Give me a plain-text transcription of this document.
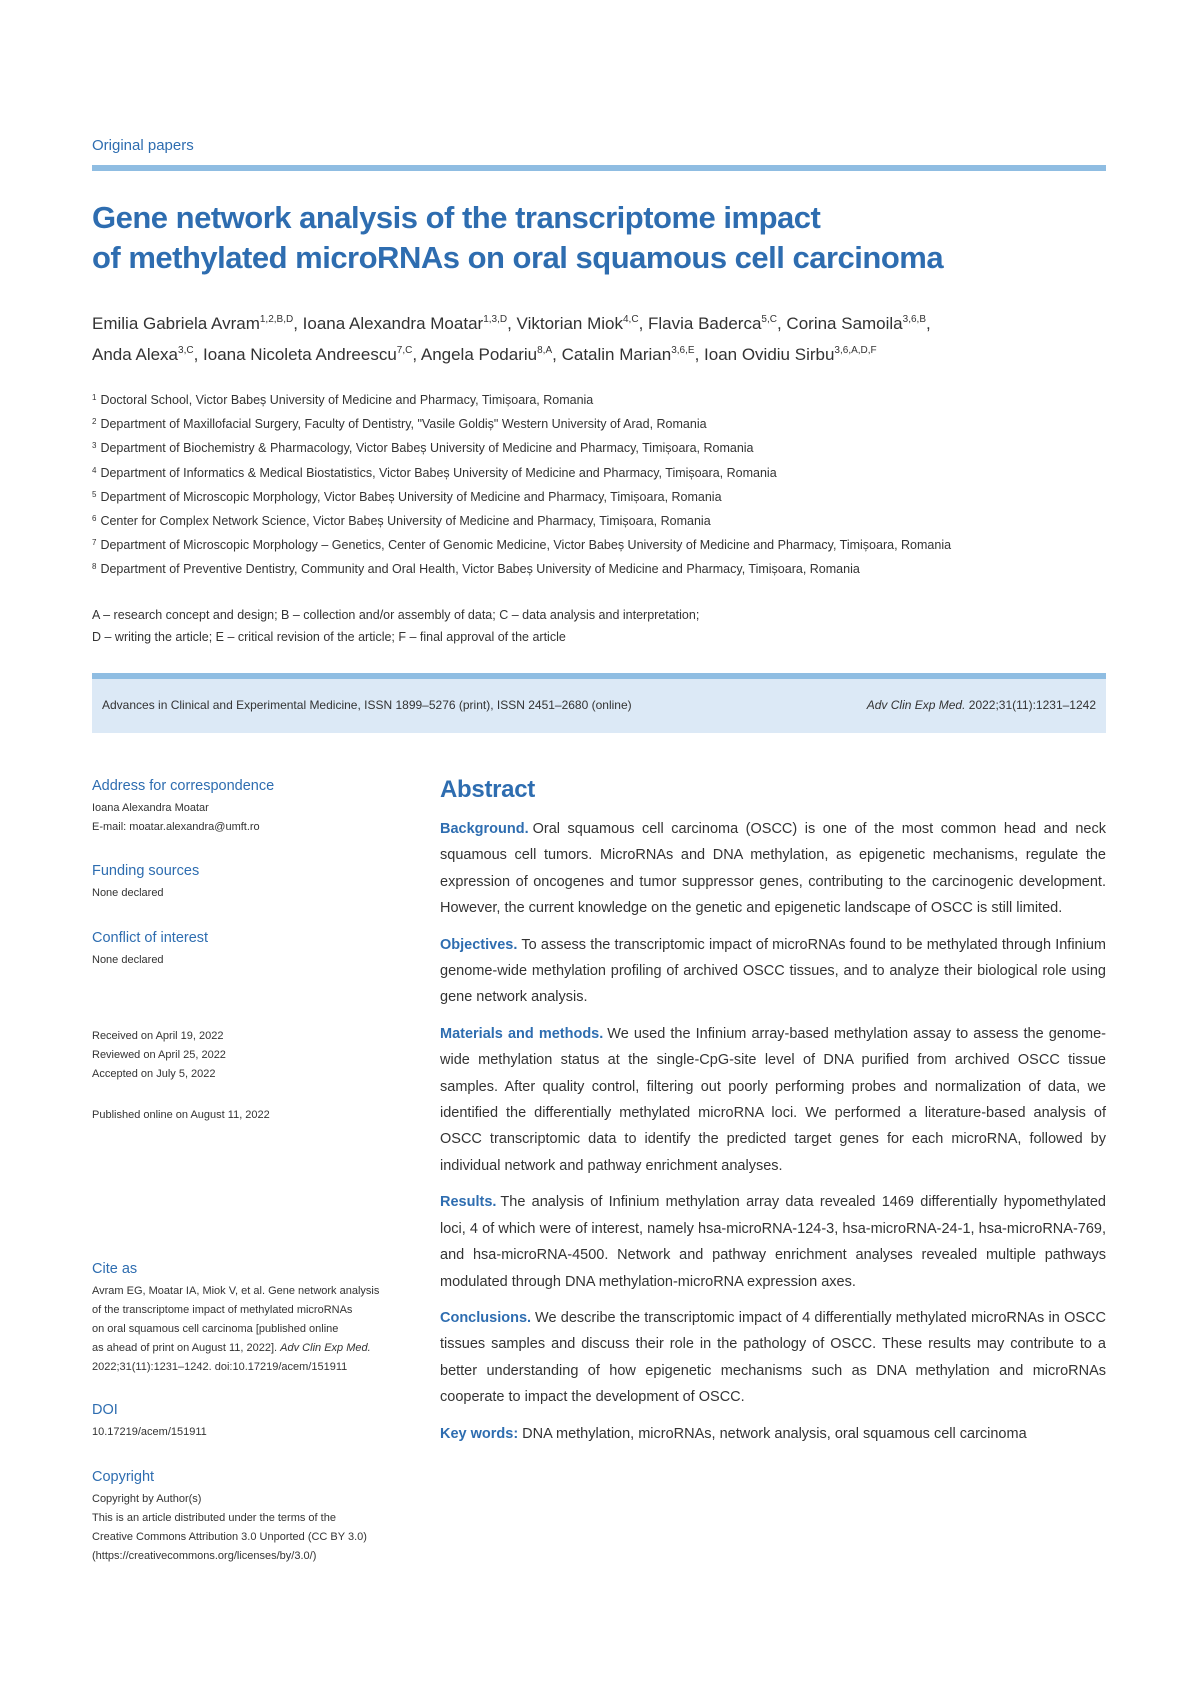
Original papers
Gene network analysis of the transcriptome impact
of methylated microRNAs on oral squamous cell carcinoma
Emilia Gabriela Avram$^{1,2,B,D}$, Ioana Alexandra Moatar$^{1,3,D}$, Viktorian Miok$^{4,C}$, Flavia Baderca$^{5,C}$, Corina Samoila$^{3,6,B}$,
Anda Alexa$^{3,C}$, Ioana Nicoleta Andreescu$^{7,C}$, Angela Podariu$^{8,A}$, Catalin Marian$^{3,6,E}$, Ioan Ovidiu Sirbu$^{3,6,A,D,F}$
$^1$ Doctoral School, Victor Babeș University of Medicine and Pharmacy, Timișoara, Romania
$^2$ Department of Maxillofacial Surgery, Faculty of Dentistry, "Vasile Goldiș" Western University of Arad, Romania
$^3$ Department of Biochemistry & Pharmacology, Victor Babeș University of Medicine and Pharmacy, Timișoara, Romania
$^4$ Department of Informatics & Medical Biostatistics, Victor Babeș University of Medicine and Pharmacy, Timișoara, Romania
$^5$ Department of Microscopic Morphology, Victor Babeș University of Medicine and Pharmacy, Timișoara, Romania
$^6$ Center for Complex Network Science, Victor Babeș University of Medicine and Pharmacy, Timișoara, Romania
$^7$ Department of Microscopic Morphology – Genetics, Center of Genomic Medicine, Victor Babeș University of Medicine and Pharmacy, Timișoara, Romania
$^8$ Department of Preventive Dentistry, Community and Oral Health, Victor Babeș University of Medicine and Pharmacy, Timișoara, Romania
A – research concept and design; B – collection and/or assembly of data; C – data analysis and interpretation;
D – writing the article; E – critical revision of the article; F – final approval of the article
Advances in Clinical and Experimental Medicine, ISSN 1899–5276 (print), ISSN 2451–2680 (online)	Adv Clin Exp Med. 2022;31(11):1231–1242
Address for correspondence
Ioana Alexandra Moatar
E-mail: moatar.alexandra@umft.ro
Funding sources
None declared
Conflict of interest
None declared
Received on April 19, 2022
Reviewed on April 25, 2022
Accepted on July 5, 2022
Published online on August 11, 2022
Cite as
Avram EG, Moatar IA, Miok V, et al. Gene network analysis
of the transcriptome impact of methylated microRNAs
on oral squamous cell carcinoma [published online
as ahead of print on August 11, 2022]. Adv Clin Exp Med.
2022;31(11):1231–1242. doi:10.17219/acem/151911
DOI
10.17219/acem/151911
Copyright
Copyright by Author(s)
This is an article distributed under the terms of the
Creative Commons Attribution 3.0 Unported (CC BY 3.0)
(https://creativecommons.org/licenses/by/3.0/)
Abstract

Background. Oral squamous cell carcinoma (OSCC) is one of the most common head and neck squamous cell tumors. MicroRNAs and DNA methylation, as epigenetic mechanisms, regulate the expression of oncogenes and tumor suppressor genes, contributing to the carcinogenic development. However, the current knowledge on the genetic and epigenetic landscape of OSCC is still limited.

Objectives. To assess the transcriptomic impact of microRNAs found to be methylated through Infinium genome-wide methylation profiling of archived OSCC tissues, and to analyze their biological role using gene network analysis.

Materials and methods. We used the Infinium array-based methylation assay to assess the genome-wide methylation status at the single-CpG-site level of DNA purified from archived OSCC tissue samples. After quality control, filtering out poorly performing probes and normalization of data, we identified the differentially methylated microRNA loci. We performed a literature-based analysis of OSCC transcriptomic data to identify the predicted target genes for each microRNA, followed by individual network and pathway enrichment analyses.

Results. The analysis of Infinium methylation array data revealed 1469 differentially hypomethylated loci, 4 of which were of interest, namely hsa-microRNA-124-3, hsa-microRNA-24-1, hsa-microRNA-769, and hsa-microRNA-4500. Network and pathway enrichment analyses revealed multiple pathways modulated through DNA methylation-microRNA expression axes.

Conclusions. We describe the transcriptomic impact of 4 differentially methylated microRNAs in OSCC tissues samples and discuss their role in the pathology of OSCC. These results may contribute to a better understanding of how epigenetic mechanisms such as DNA methylation and microRNAs cooperate to impact the development of OSCC.

Key words: DNA methylation, microRNAs, network analysis, oral squamous cell carcinoma
